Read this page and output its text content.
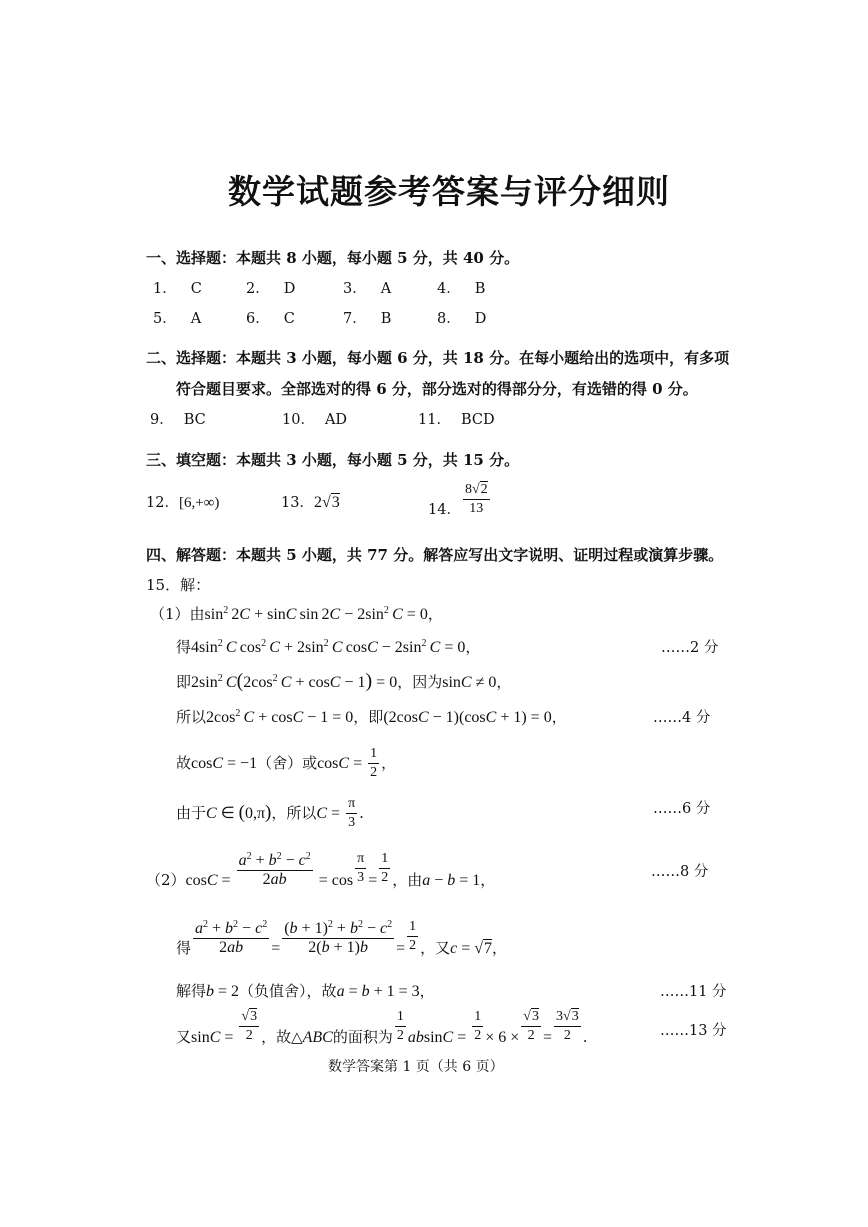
数学试题参考答案与评分细则
一、选择题：本题共 8 小题，每小题 5 分，共 40 分。
1． C	2． D	3． A	4． B
5． A	6． C	7． B	8． D
二、选择题：本题共 3 小题，每小题 6 分，共 18 分。在每小题给出的选项中，有多项
符合题目要求。全部选对的得 6 分，部分选对的得部分分，有选错的得 0 分。
9． BC	10． AD	11． BCD
三、填空题：本题共 3 小题，每小题 5 分，共 15 分。
12．[6,+∞)	13．2√3	14． $\frac{8√2}{13}$
四、解答题：本题共 5 小题，共 77 分。解答应写出文字说明、证明过程或演算步骤。
15．解：
（1）由$\sin^2 2C + \sin C$ $\sin 2C - 2\sin^2$  C = 0，
得$4\sin^2$  C $\cos^2 C + 2\sin^2$  C $\cos C - 2\sin^2$  C = 0，	……2 分
即$2\sin^2$  $C(2\cos^2$  C + cosC − 1) = 0，因为sinC ≠ 0，
所以$2\cos^2$  C + cosC − 1 = 0，即(2cosC − 1)(cosC + 1) = 0，	……4 分
故cosC = −1（舍）或$\cos C = \frac{1}{2}$ ，
由于C ∈ (0,π)，所以$C = \frac{\pi}{3}$ .	……6 分
$(2)\cos C = \frac{a^2 + b^2 - c^2}{2ab} = \cos \frac{\pi}{3} = \frac{1}{2}$ ，由a − b = 1，	……8 分
得 $\frac{a^2 + b^2 - c^2}{2ab} = \frac{(b + 1)^2 + b^2 - c^2}{2(b + 1)b} = \frac{1}{2}$ ，又c = √7，
解得b = 2（负值舍），故a = b + 1 = 3，	……11 分
又$\sin C = \frac{√3}{2}$ ，故△ABC的面积为 $\frac{1}{2}$ $absinC = \frac{1}{2} \times 6 \times \frac{√3}{2} = \frac{3√3}{2}$ .	……13 分
数学答案第 1 页（共 6 页）
